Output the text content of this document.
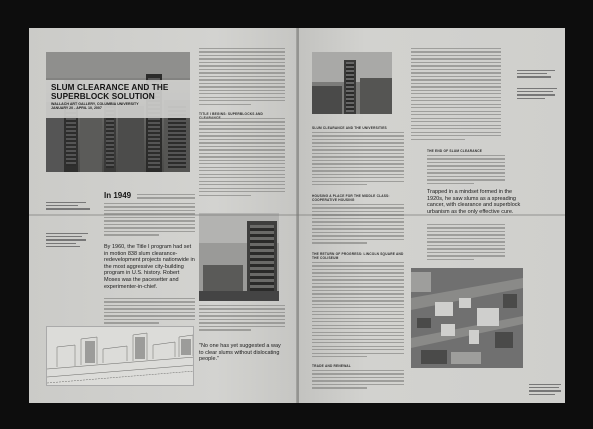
SLUM CLEARANCE AND THE
SUPERBLOCK SOLUTION
WALLACH ART GALLERY, COLUMBIA UNIVERSITY
JANUARY 20 - APRIL 10, 2007
TITLE I BEGINS: SUPERBLOCKS AND
In 1949
By 1960, the Title I program had set in motion 838 slum clearance-redevelopment projects nationwide in the most aggressive city-building program in U.S. history. Robert Moses was the pacesetter and experimenter-in-chief.
"No one has yet suggested a way to clear slums without dislocating people."
SLUM CLEARANCE AND THE UNIVERSITIES
HOUSING A PLACE FOR THE MIDDLE CLASS: COOPERATIVE HOUSING
THE RETURN OF PROGRESS: LINCOLN SQUARE AND THE COLISEUM
TRADE AND RENEWAL
THE END OF SLUM CLEARANCE
Trapped in a mindset formed in the 1920s, he saw slums as a spreading cancer, with clearance and superblock urbanism as the only effective cure.
